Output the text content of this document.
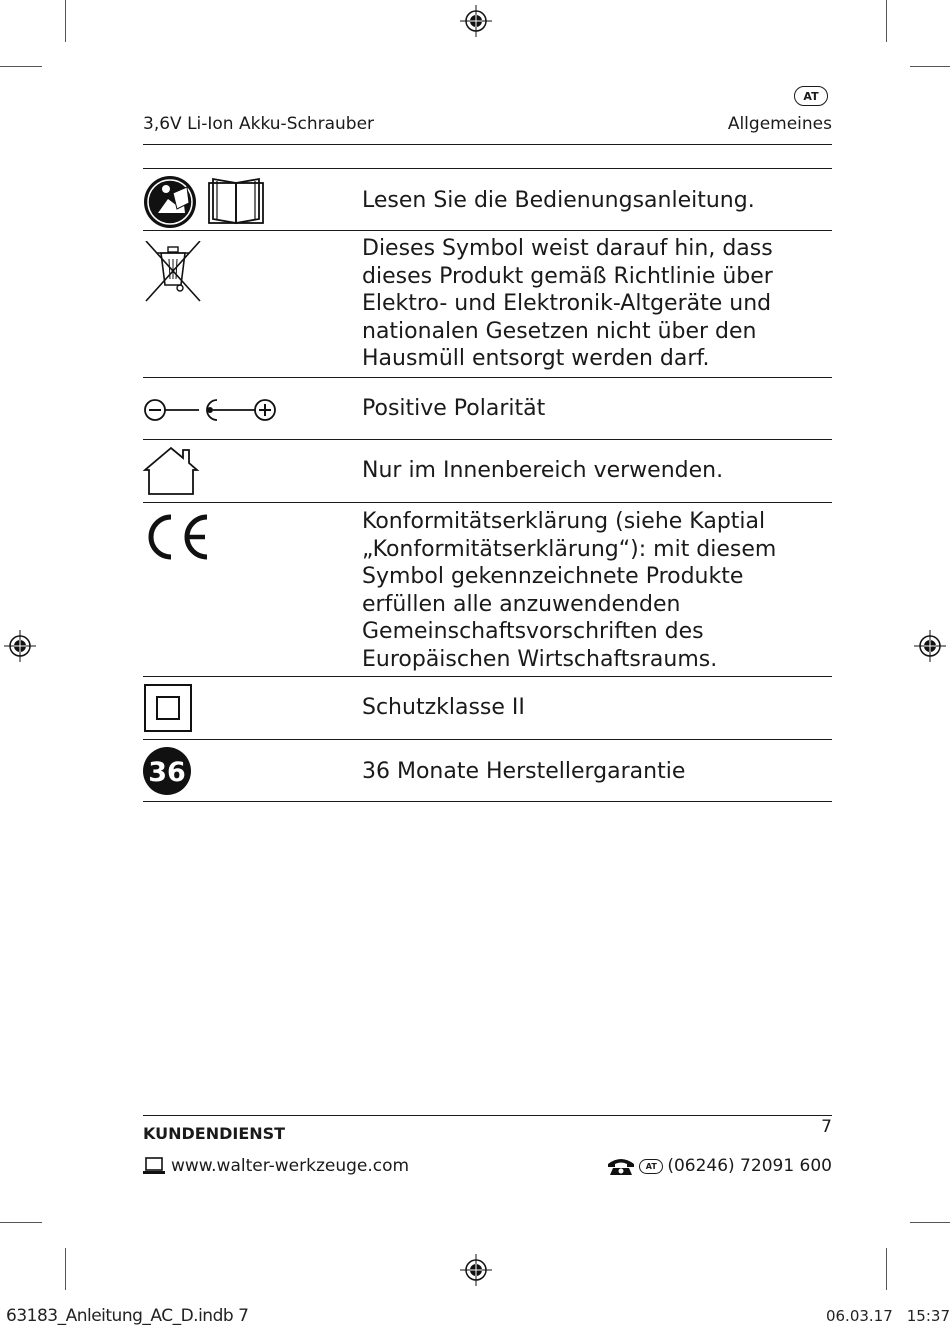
AT
3,6V Li-Ion Akku-Schrauber	Allgemeines
Lesen Sie die Bedienungsanleitung.
Dieses Symbol weist darauf hin, dass
dieses Produkt gemäß Richtlinie über
Elektro- und Elektronik-Altgeräte und
nationalen Gesetzen nicht über den
Hausmüll entsorgt werden darf.
Positive Polarität
Nur im Innenbereich verwenden.
Konformitätserklärung (siehe Kaptial
„Konformitätserklärung“): mit diesem
Symbol gekennzeichnete Produkte
erfüllen alle anzuwendenden
Gemeinschaftsvorschriften des
Europäischen Wirtschaftsraums.
Schutzklasse II
36	36 Monate Herstellergarantie
KUNDENDIENST	7
www.walter-werkzeuge.com	AT (06246) 72091 600
63183_Anleitung_AC_D.indb 7	06.03.17 15:37
